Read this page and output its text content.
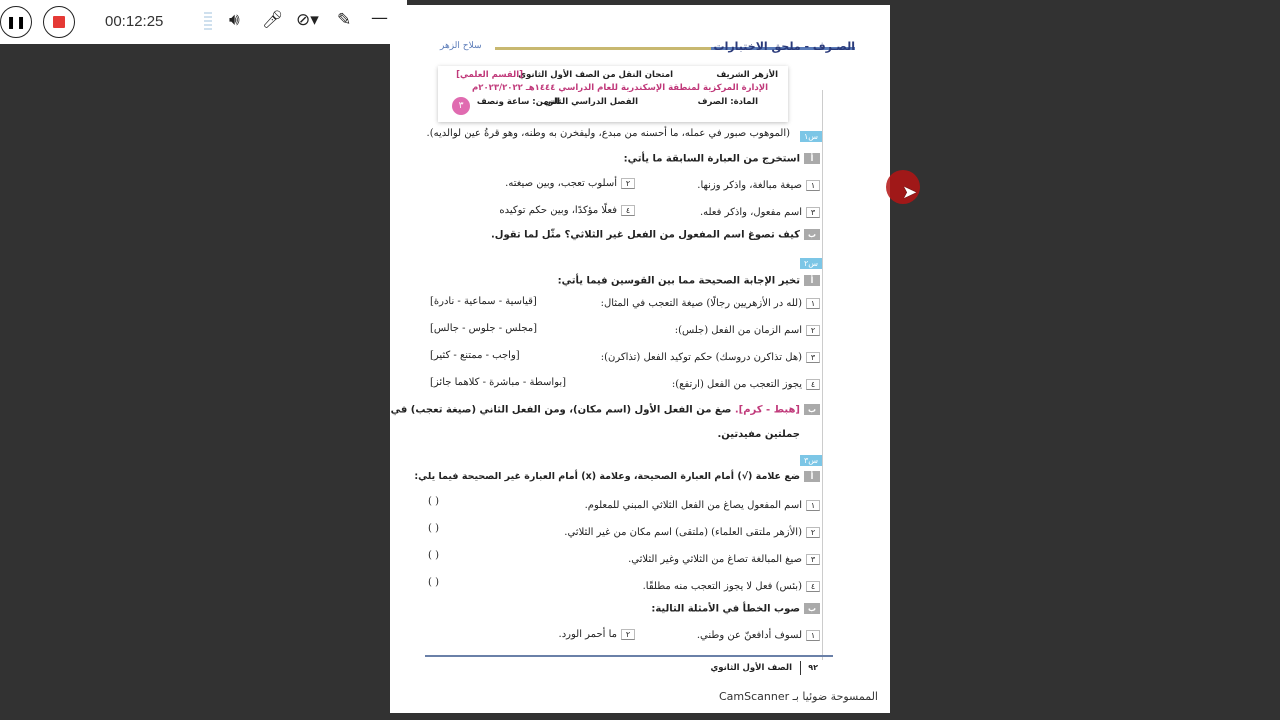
❚❚	00:12:25	🔊︎ 🎤︎ ⊘▾ ✎ —
الصـرف - ملحق الاختبارات
سلاح الزهر
الأزهر الشريف
امتحان النقل من الصف الأول الثانوي
[القسم العلمي]
الإدارة المركزية لمنطقة الإسكندرية للعام الدراسي ١٤٤٤هـ ٢٠٢٣/٢٠٢٢م
المادة: الصرف
الفصل الدراسي الثاني
الزمن: ساعة ونصف
٣
س١
(الموهوب صبور في عمله، ما أحسنه من مبدع، وليفخرن به وطنه، وهو قرةُ عين لوالديه).
أاستخرج من العبارة السابقة ما يأتي:
١صيغة مبالغة، واذكر وزنها.
٢أسلوب تعجب، وبين صيغته.
٣اسم مفعول، واذكر فعله.
٤فعلًا مؤكدًا، وبين حكم توكيده
بكيف تصوغ اسم المفعول من الفعل غير الثلاثي؟ مثّل لما تقول.
س٢
أتخير الإجابة الصحيحة مما بين القوسين فيما يأتي:
١(لله در الأزهريين رجالًا) صيغة التعجب في المثال:
[قياسية - سماعية - نادرة]
٢اسم الزمان من الفعل (جلس):
[مجلس - جلوس - جالس]
٣(هل تذاكرن دروسك) حكم توكيد الفعل (تذاكرن):
[واجب - ممتنع - كثير]
٤يجوز التعجب من الفعل (ارتفع):
[بواسطة - مباشرة - كلاهما جائز]
ب[هبط - كرم]. صغ من الفعل الأول (اسم مكان)، ومن الفعل الثاني (صيغة تعجب) في
جملتين مفيدتين.
س٣
أضع علامة (√) أمام العبارة الصحيحة، وعلامة (x) أمام العبارة غير الصحيحة فيما يلي:
١اسم المفعول يصاغ من الفعل الثلاثي المبني للمعلوم.
( )
٢(الأزهر ملتقى العلماء) (ملتقى) اسم مكان من غير الثلاثي.
( )
٣صيغ المبالغة تصاغ من الثلاثي وغير الثلاثي.
( )
٤(بئس) فعل لا يجوز التعجب منه مطلقًا.
( )
بصوب الخطأ في الأمثلة التالية:
١لسوف أدافعنّ عن وطني.
٢ما أحمر الورد.
٩٢
الصف الأول الثانوي
الممسوحة ضوئيا بـ CamScanner
➤
